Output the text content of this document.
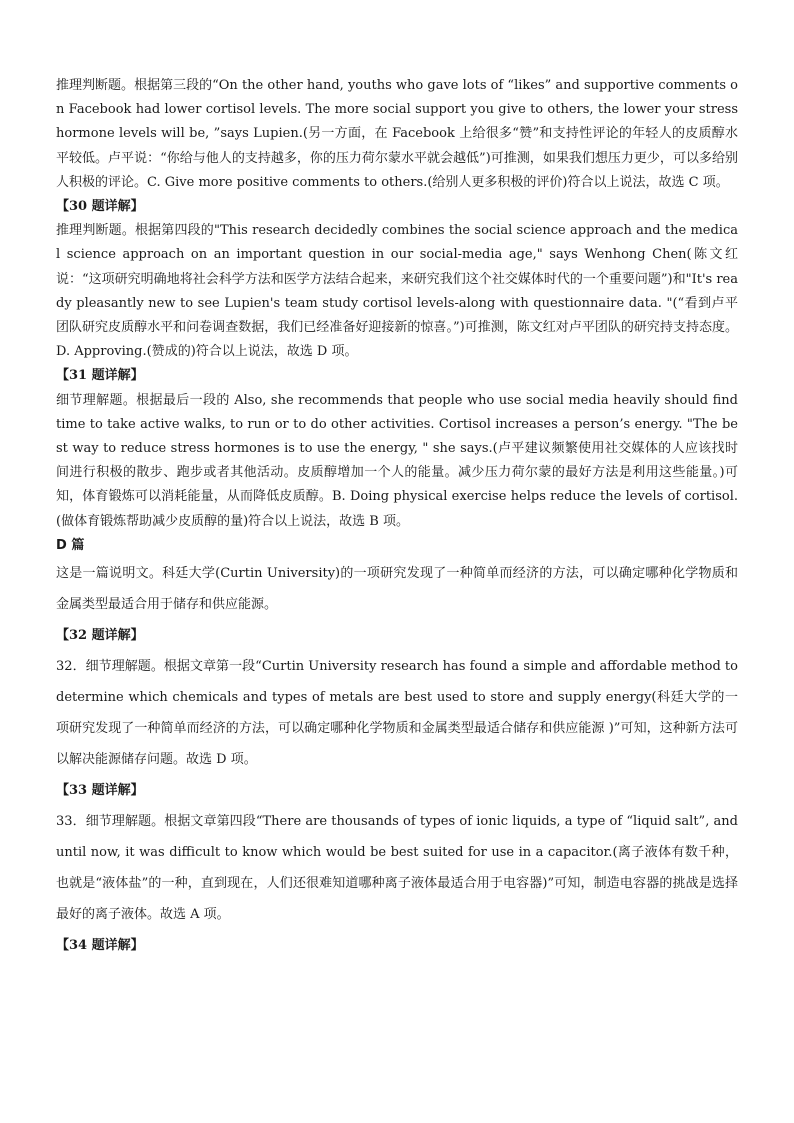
推理判断题。根据第三段的“On the other hand, youths who gave lots of “likes” and supportive comments on Facebook had lower cortisol levels. The more social support you give to others, the lower your stress hormone levels will be, ”says Lupien.(另一方面，在 Facebook 上给很多“赞”和支持性评论的年轻人的皮质醇水平较低。卢平说：“你给与他人的支持越多，你的压力荷尔蒙水平就会越低”)可推测，如果我们想压力更少，可以多给别人积极的评论。C. Give more positive comments to others.(给别人更多积极的评价)符合以上说法，故选 C 项。

【30 题详解】

推理判断题。根据第四段的"This research decidedly combines the social science approach and the medical science approach on an important question in our social-media age," says Wenhong Chen(陈文红说：“这项研究明确地将社会科学方法和医学方法结合起来，来研究我们这个社交媒体时代的一个重要问题”)和"It's ready pleasantly new to see Lupien's team study cortisol levels-along with questionnaire data. "(“看到卢平团队研究皮质醇水平和问卷调查数据，我们已经准备好迎接新的惊喜。”)可推测，陈文红对卢平团队的研究持支持态度。D. Approving.(赞成的)符合以上说法，故选 D 项。

【31 题详解】

细节理解题。根据最后一段的 Also, she recommends that people who use social media heavily should find time to take active walks, to run or to do other activities. Cortisol increases a person’s energy. "The best way to reduce stress hormones is to use the energy, " she says.(卢平建议频繁使用社交媒体的人应该找时间进行积极的散步、跑步或者其他活动。皮质醇增加一个人的能量。减少压力荷尔蒙的最好方法是利用这些能量。)可知，体育锻炼可以消耗能量，从而降低皮质醇。B. Doing physical exercise helps reduce the levels of cortisol.(做体育锻炼帮助减少皮质醇的量)符合以上说法，故选 B 项。

D 篇

这是一篇说明文。科廷大学(Curtin University)的一项研究发现了一种简单而经济的方法，可以确定哪种化学物质和金属类型最适合用于储存和供应能源。

【32 题详解】

32．细节理解题。根据文章第一段“Curtin University research has found a simple and affordable method to determine which chemicals and types of metals are best used to store and supply energy(科廷大学的一项研究发现了一种简单而经济的方法，可以确定哪种化学物质和金属类型最适合储存和供应能源 )”可知，这种新方法可以解决能源储存问题。故选 D 项。

【33 题详解】

33．细节理解题。根据文章第四段“There are thousands of types of ionic liquids, a type of “liquid salt”, and until now, it was difficult to know which would be best suited for use in a capacitor.(离子液体有数千种，也就是“液体盐”的一种，直到现在，人们还很难知道哪种离子液体最适合用于电容器)”可知，制造电容器的挑战是选择最好的离子液体。故选 A 项。

【34 题详解】
